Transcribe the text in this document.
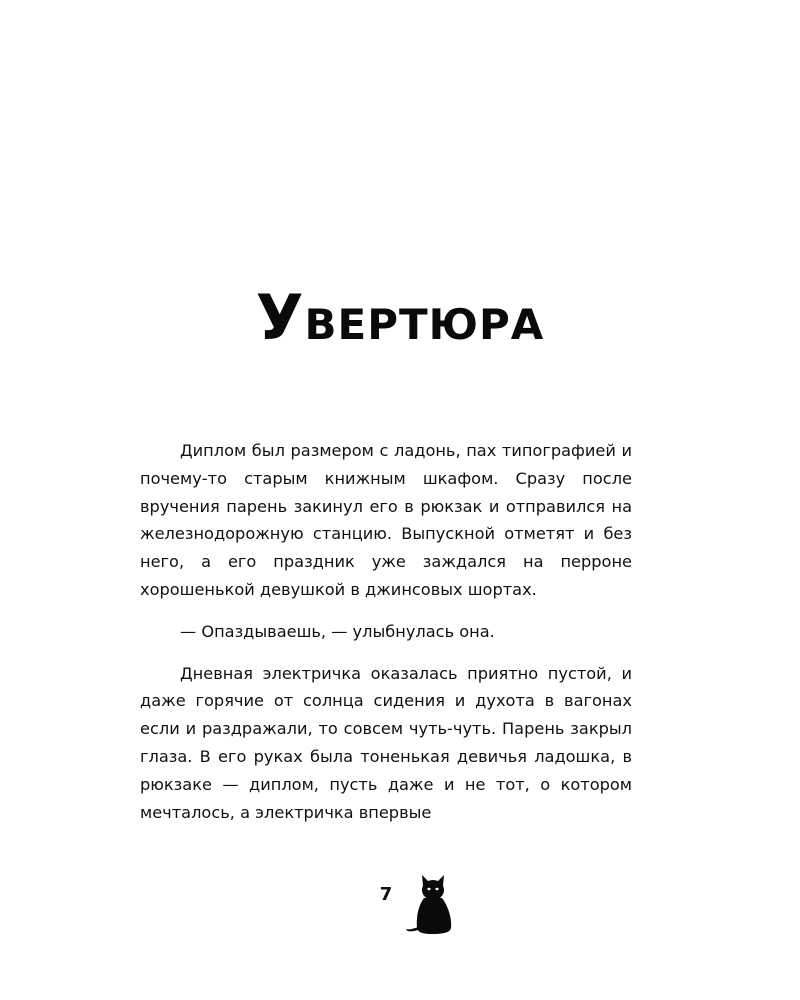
УВЕРТЮРА

Диплом был размером с ладонь, пах типографией и почему-то старым книжным шкафом. Сразу после вручения парень закинул его в рюкзак и отправился на железнодорожную станцию. Выпускной отметят и без него, а его праздник уже заждался на перроне хорошенькой девушкой в джинсовых шортах.

— Опаздываешь, — улыбнулась она.

Дневная электричка оказалась приятно пустой, и даже горячие от солнца сидения и духота в вагонах если и раздражали, то совсем чуть-чуть. Парень закрыл глаза. В его руках была тоненькая девичья ладошка, в рюкзаке — диплом, пусть даже и не тот, о котором мечталось, а электричка впервые

7
